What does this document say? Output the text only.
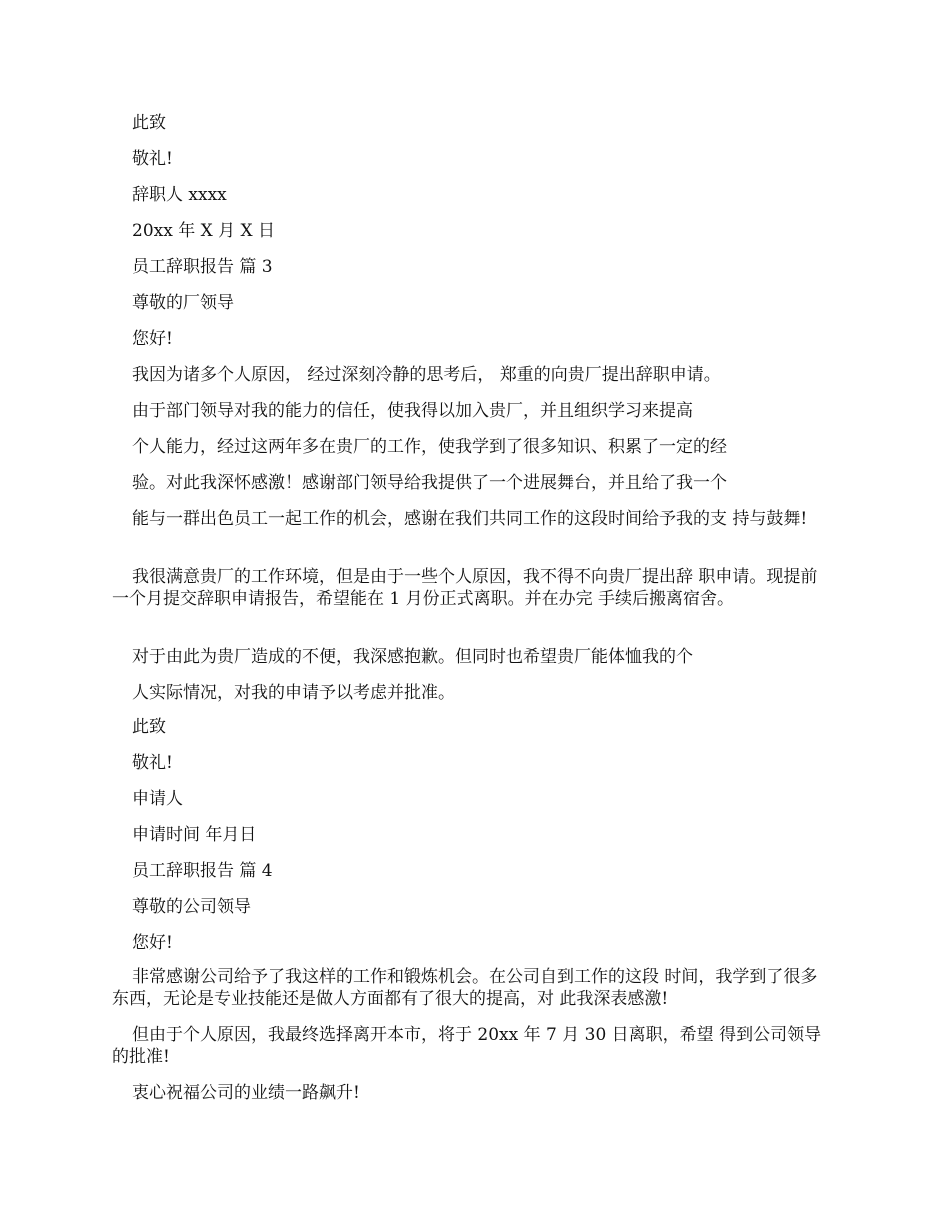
此致

敬礼!

辞职人 xxxx

20xx 年 X 月 X 日

员工辞职报告 篇 3

尊敬的厂领导

您好!

我因为诸多个人原因， 经过深刻冷静的思考后， 郑重的向贵厂提出辞职申请。

由于部门领导对我的能力的信任，使我得以加入贵厂，并且组织学习来提高

个人能力，经过这两年多在贵厂的工作，使我学到了很多知识、积累了一定的经

验。对此我深怀感激！感谢部门领导给我提供了一个进展舞台，并且给了我一个

能与一群出色员工一起工作的机会，感谢在我们共同工作的这段时间给予我的支 持与鼓舞!

我很满意贵厂的工作环境，但是由于一些个人原因，我不得不向贵厂提出辞 职申请。现提前一个月提交辞职申请报告，希望能在 1 月份正式离职。并在办完 手续后搬离宿舍。

对于由此为贵厂造成的不便，我深感抱歉。但同时也希望贵厂能体恤我的个

人实际情况，对我的申请予以考虑并批准。

此致

敬礼!

申请人

申请时间 年月日

员工辞职报告 篇 4

尊敬的公司领导

您好!

非常感谢公司给予了我这样的工作和锻炼机会。在公司自到工作的这段 时间，我学到了很多东西，无论是专业技能还是做人方面都有了很大的提高，对 此我深表感激!

但由于个人原因，我最终选择离开本市，将于 20xx 年 7 月 30 日离职，希望 得到公司领导的批准!

衷心祝福公司的业绩一路飙升!
